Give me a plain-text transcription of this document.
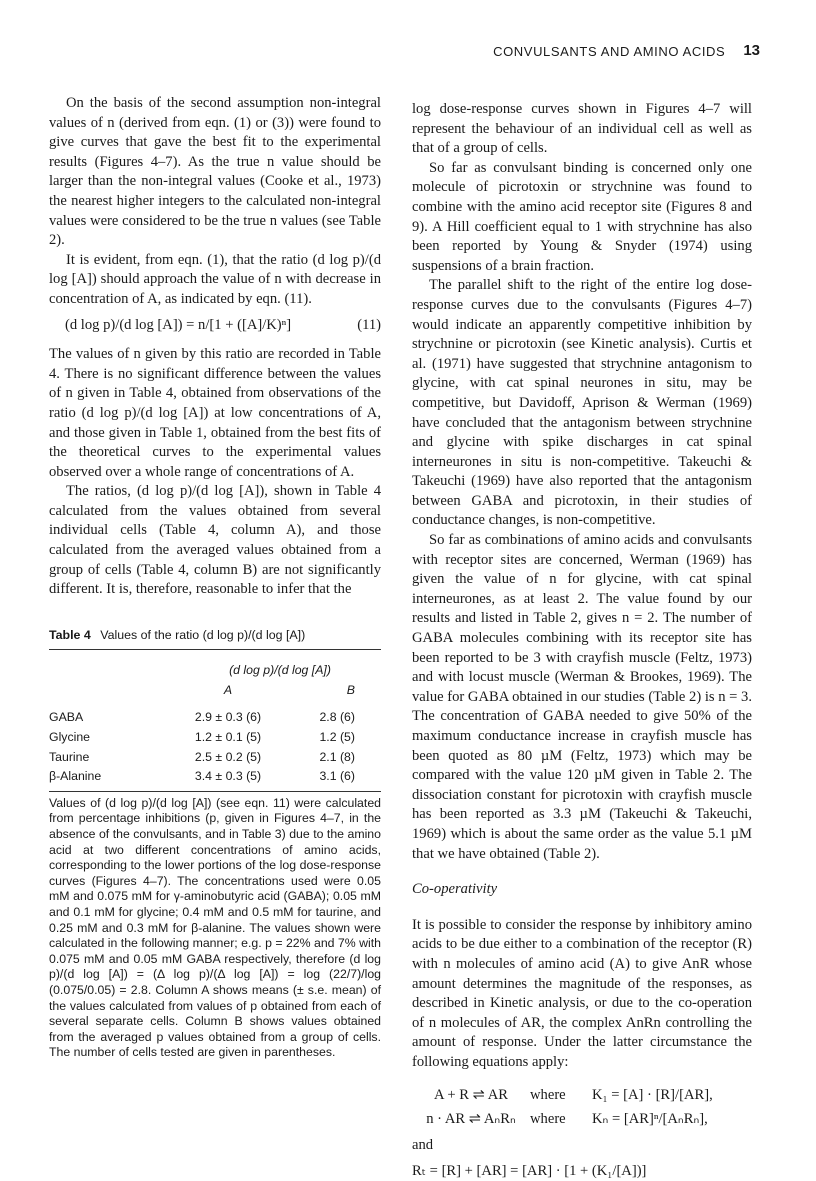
CONVULSANTS AND AMINO ACIDS 13

On the basis of the second assumption non-integral values of n (derived from eqn. (1) or (3)) were found to give curves that gave the best fit to the experimental results (Figures 4–7). As the true n value should be larger than the non-integral values (Cooke et al., 1973) the nearest higher integers to the calculated non-integral values were considered to be the true n values (see Table 2).

It is evident, from eqn. (1), that the ratio (d log p)/(d log [A]) should approach the value of n with decrease in concentration of A, as indicated by eqn. (11).

(d log p)/(d log [A]) = n/[1 + ([A]/K)ⁿ]	(11)

The values of n given by this ratio are recorded in Table 4. There is no significant difference between the values of n given in Table 4, obtained from observations of the ratio (d log p)/(d log [A]) at low concentrations of A, and those given in Table 1, obtained from the best fits of the theoretical curves to the experimental values observed over a whole range of concentrations of A.

The ratios, (d log p)/(d log [A]), shown in Table 4 calculated from the values obtained from several individual cells (Table 4, column A), and those calculated from the averaged values obtained from a group of cells (Table 4, column B) are not significantly different. It is, therefore, reasonable to infer that the

Table 4 Values of the ratio (d log p)/(d log [A])
	(d log p)/(d log [A])	
	A	B

GABA	2.9 ± 0.3 (6)	2.8 (6)
Glycine	1.2 ± 0.1 (5)	1.2 (5)
Taurine	2.5 ± 0.2 (5)	2.1 (8)
β-Alanine	3.4 ± 0.3 (5)	3.1 (6)

Values of (d log p)/(d log [A]) (see eqn. 11) were calculated from percentage inhibitions (p, given in Figures 4–7, in the absence of the convulsants, and in Table 3) due to the amino acid at two different concentrations of amino acids, corresponding to the lower portions of the log dose-response curves (Figures 4–7). The concentrations used were 0.05 mM and 0.075 mM for γ-aminobutyric acid (GABA); 0.05 mM and 0.1 mM for glycine; 0.4 mM and 0.5 mM for taurine, and 0.25 mM and 0.3 mM for β-alanine. The values shown were calculated in the following manner; e.g. p = 22% and 7% with 0.075 mM and 0.05 mM GABA respectively, therefore (d log p)/(d log [A]) = (Δ log p)/(Δ log [A]) = log (22/7)/log (0.075/0.05) = 2.8. Column A shows means (± s.e. mean) of the values calculated from values of p obtained from each of several separate cells. Column B shows values obtained from the averaged p values obtained from a group of cells. The number of cells tested are given in parentheses.

log dose-response curves shown in Figures 4–7 will represent the behaviour of an individual cell as well as that of a group of cells.

So far as convulsant binding is concerned only one molecule of picrotoxin or strychnine was found to combine with the amino acid receptor site (Figures 8 and 9). A Hill coefficient equal to 1 with strychnine has also been reported by Young & Snyder (1974) using suspensions of a brain fraction.

The parallel shift to the right of the entire log dose-response curves due to the convulsants (Figures 4–7) would indicate an apparently competitive inhibition by strychnine or picrotoxin (see Kinetic analysis). Curtis et al. (1971) have suggested that strychnine antagonism to glycine, with cat spinal neurones in situ, may be competitive, but Davidoff, Aprison & Werman (1969) have concluded that the antagonism between strychnine and glycine with spike discharges in cat spinal interneurones in situ is non-competitive. Takeuchi & Takeuchi (1969) have also reported that the antagonism between GABA and picrotoxin, in their studies of conductance changes, is non-competitive.

So far as combinations of amino acids and convulsants with receptor sites are concerned, Werman (1969) has given the value of n for glycine, with cat spinal interneurones, as at least 2. The value found by our results and listed in Table 2, gives n = 2. The number of GABA molecules combining with its receptor site has been reported to be 3 with crayfish muscle (Feltz, 1973) and with locust muscle (Werman & Brookes, 1969). The value for GABA obtained in our studies (Table 2) is n = 3. The concentration of GABA needed to give 50% of the maximum conductance increase in crayfish muscle has been quoted as 80 µM (Feltz, 1973) which may be compared with the value 120 µM given in Table 2. The dissociation constant for picrotoxin with crayfish muscle has been reported as 3.3 µM (Takeuchi & Takeuchi, 1969) which is about the same order as the value 5.1 µM that we have obtained (Table 2).

Co-operativity

It is possible to consider the response by inhibitory amino acids to be due either to a combination of the receptor (R) with n molecules of amino acid (A) to give AnR whose amount determines the magnitude of the responses, as described in Kinetic analysis, or due to the co-operation of n molecules of AR, the complex AnRn controlling the amount of response. Under the latter circumstance the following equations apply:

A + R ⇌ AR	where	K₁ = [A] · [R]/[AR],
n · AR ⇌ AₙRₙ where	Kₙ = [AR]ⁿ/[AₙRₙ],
and
Rₜ = [R] + [AR] = [AR] · [1 + (K₁/[A])]
